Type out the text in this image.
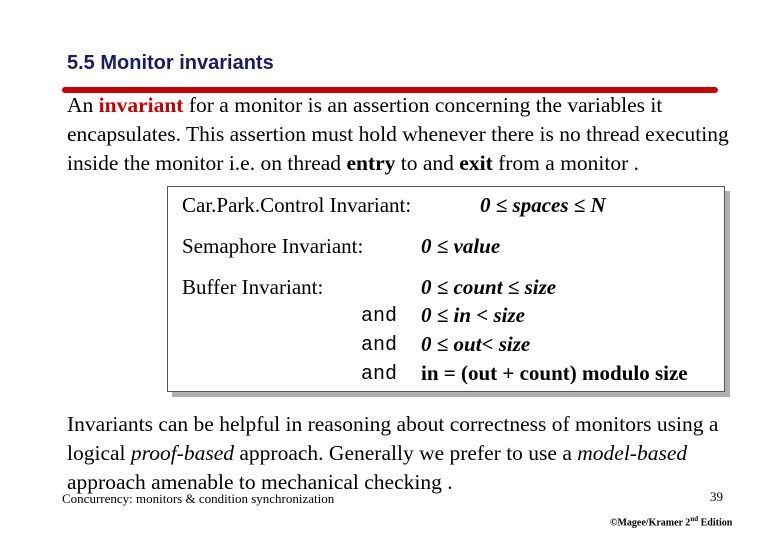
5.5 Monitor invariants
An invariant for a monitor is an assertion concerning the variables it encapsulates. This assertion must hold whenever there is no thread executing inside the monitor i.e. on thread entry to and exit from a monitor .
Car.Park.Control Invariant:	0 ≤ spaces ≤ N
Semaphore Invariant:	0 ≤ value
Buffer Invariant:	0 ≤ count ≤ size
and 0 ≤ in < size
and 0 ≤ out< size
and in = (out + count) modulo size
Invariants can be helpful in reasoning about correctness of monitors using a logical proof-based approach. Generally we prefer to use a model-based approach amenable to mechanical checking .
Concurrency: monitors & condition synchronization	39
©Magee/Kramer 2nd Edition
